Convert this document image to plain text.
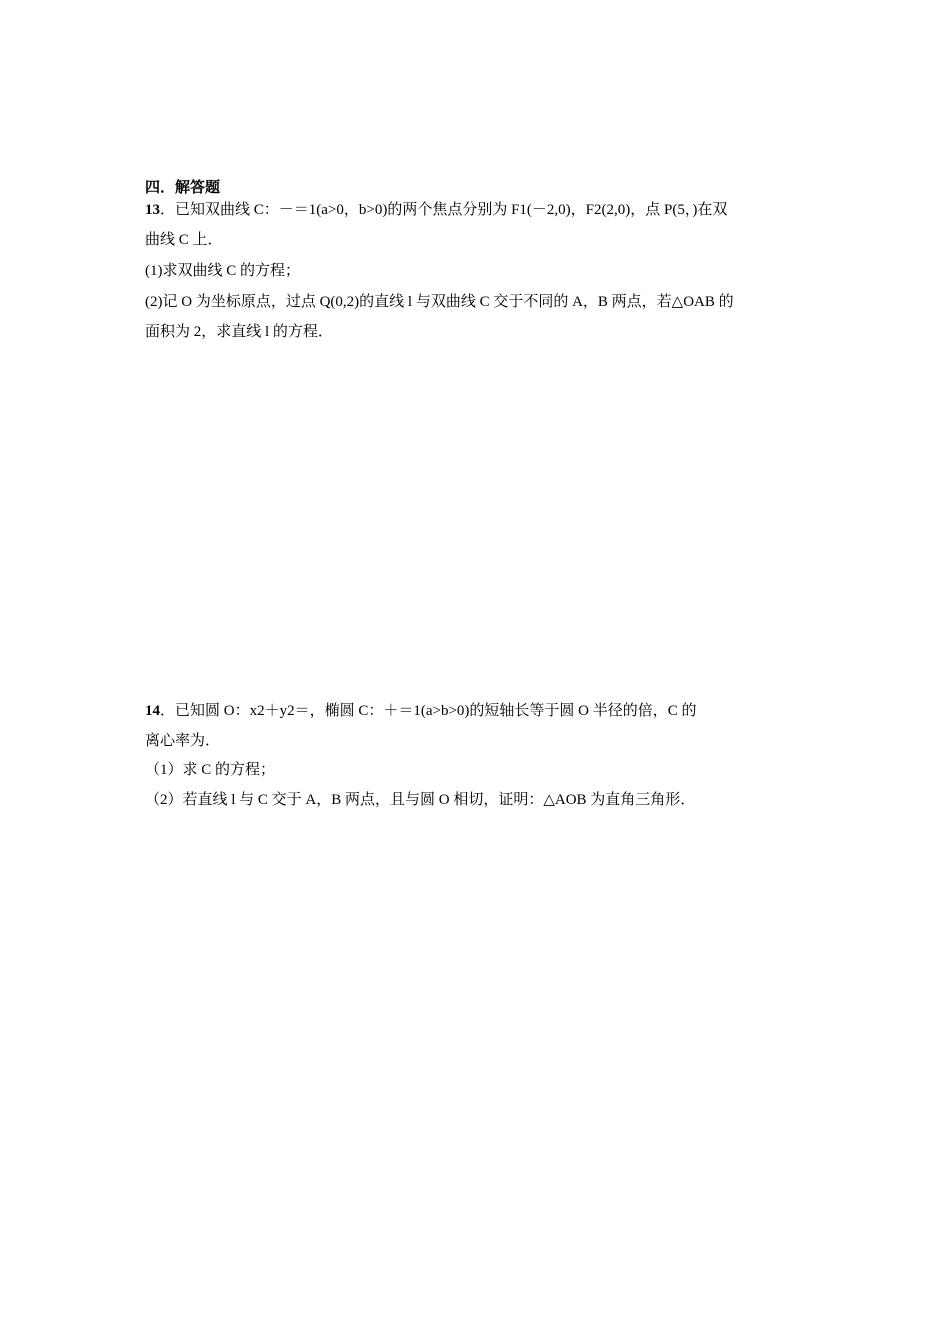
四．解答题
13．已知双曲线 C：－＝1(a>0，b>0)的两个焦点分别为 F1(－2,0)，F2(2,0)，点 P(5，)在双
曲线 C 上．
(1)求双曲线 C 的方程；
(2)记 O 为坐标原点，过点 Q(0,2)的直线 l 与双曲线 C 交于不同的 A，B 两点，若△OAB 的
面积为 2，求直线 l 的方程．
14．已知圆 O：x2＋y2＝，椭圆 C：＋＝1(a>b>0)的短轴长等于圆 O 半径的倍，C 的
离心率为．
（1）求 C 的方程；
（2）若直线 l 与 C 交于 A，B 两点，且与圆 O 相切，证明：△AOB 为直角三角形．
